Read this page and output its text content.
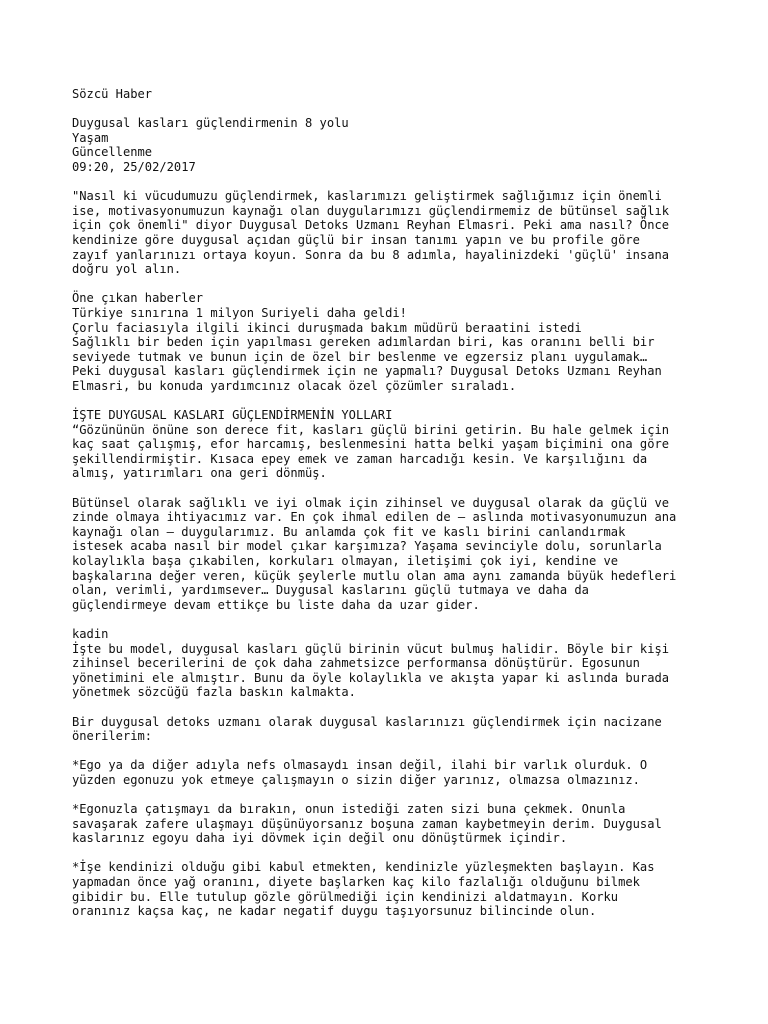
Sözcü Haber
Duygusal kasları güçlendirmenin 8 yolu
Yaşam
Güncellenme
09:20, 25/02/2017
"Nasıl ki vücudumuzu güçlendirmek, kaslarımızı geliştirmek sağlığımız için önemli
ise, motivasyonumuzun kaynağı olan duygularımızı güçlendirmemiz de bütünsel sağlık
için çok önemli" diyor Duygusal Detoks Uzmanı Reyhan Elmasri. Peki ama nasıl? Önce
kendinize göre duygusal açıdan güçlü bir insan tanımı yapın ve bu profile göre
zayıf yanlarınızı ortaya koyun. Sonra da bu 8 adımla, hayalinizdeki 'güçlü' insana
doğru yol alın.
Öne çıkan haberler
Türkiye sınırına 1 milyon Suriyeli daha geldi!
Çorlu faciasıyla ilgili ikinci duruşmada bakım müdürü beraatini istedi
Sağlıklı bir beden için yapılması gereken adımlardan biri, kas oranını belli bir
seviyede tutmak ve bunun için de özel bir beslenme ve egzersiz planı uygulamak…
Peki duygusal kasları güçlendirmek için ne yapmalı? Duygusal Detoks Uzmanı Reyhan
Elmasri, bu konuda yardımcınız olacak özel çözümler sıraladı.
İŞTE DUYGUSAL KASLARI GÜÇLENDİRMENİN YOLLARI
“Gözününün önüne son derece fit, kasları güçlü birini getirin. Bu hale gelmek için
kaç saat çalışmış, efor harcamış, beslenmesini hatta belki yaşam biçimini ona göre
şekillendirmiştir. Kısaca epey emek ve zaman harcadığı kesin. Ve karşılığını da
almış, yatırımları ona geri dönmüş.
Bütünsel olarak sağlıklı ve iyi olmak için zihinsel ve duygusal olarak da güçlü ve
zinde olmaya ihtiyacımız var. En çok ihmal edilen de – aslında motivasyonumuzun ana
kaynağı olan – duygularımız. Bu anlamda çok fit ve kaslı birini canlandırmak
istesek acaba nasıl bir model çıkar karşımıza? Yaşama sevinciyle dolu, sorunlarla
kolaylıkla başa çıkabilen, korkuları olmayan, iletişimi çok iyi, kendine ve
başkalarına değer veren, küçük şeylerle mutlu olan ama aynı zamanda büyük hedefleri
olan, verimli, yardımsever… Duygusal kaslarını güçlü tutmaya ve daha da
güçlendirmeye devam ettikçe bu liste daha da uzar gider.
kadin
İşte bu model, duygusal kasları güçlü birinin vücut bulmuş halidir. Böyle bir kişi
zihinsel becerilerini de çok daha zahmetsizce performansa dönüştürür. Egosunun
yönetimini ele almıştır. Bunu da öyle kolaylıkla ve akışta yapar ki aslında burada
yönetmek sözcüğü fazla baskın kalmakta.
Bir duygusal detoks uzmanı olarak duygusal kaslarınızı güçlendirmek için nacizane
önerilerim:
*Ego ya da diğer adıyla nefs olmasaydı insan değil, ilahi bir varlık olurduk. O
yüzden egonuzu yok etmeye çalışmayın o sizin diğer yarınız, olmazsa olmazınız.
*Egonuzla çatışmayı da bırakın, onun istediği zaten sizi buna çekmek. Onunla
savaşarak zafere ulaşmayı düşünüyorsanız boşuna zaman kaybetmeyin derim. Duygusal
kaslarınız egoyu daha iyi dövmek için değil onu dönüştürmek içindir.
*İşe kendinizi olduğu gibi kabul etmekten, kendinizle yüzleşmekten başlayın. Kas
yapmadan önce yağ oranını, diyete başlarken kaç kilo fazlalığı olduğunu bilmek
gibidir bu. Elle tutulup gözle görülmediği için kendinizi aldatmayın. Korku
oranınız kaçsa kaç, ne kadar negatif duygu taşıyorsunuz bilincinde olun.
